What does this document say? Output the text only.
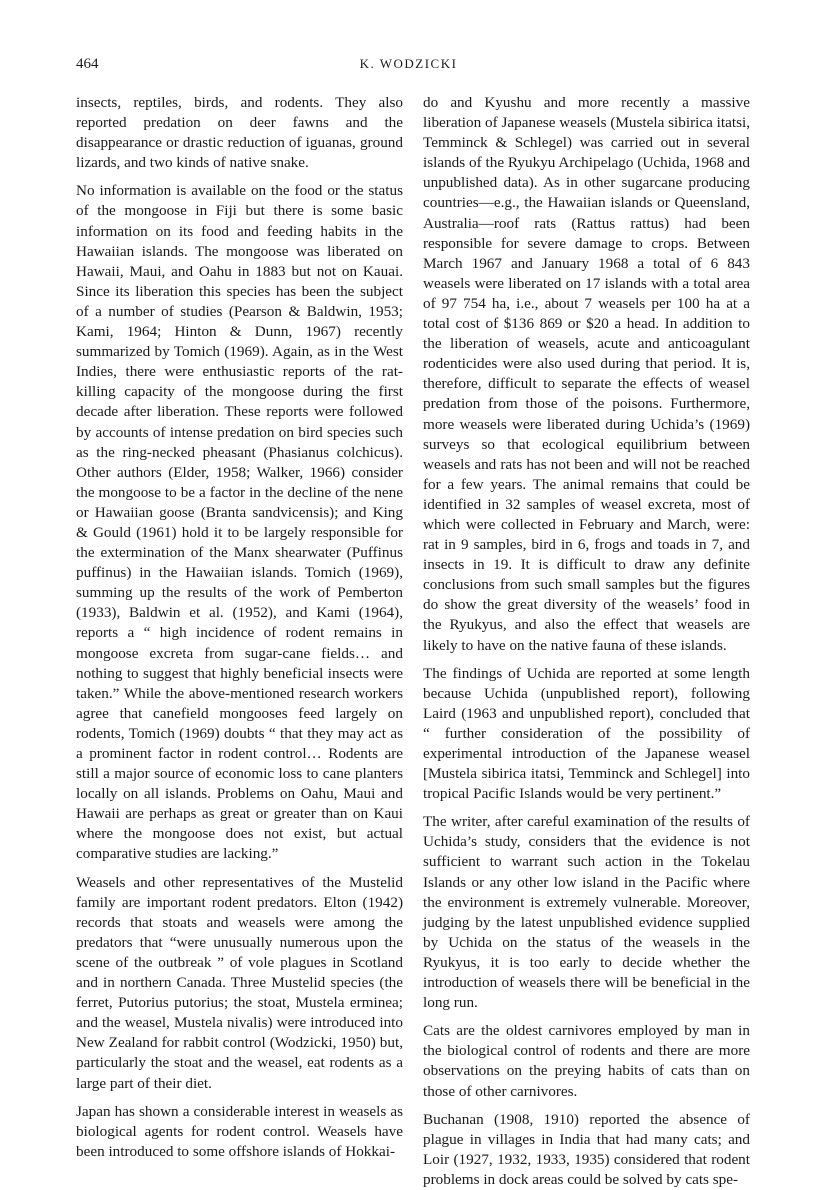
464	K. WODZICKI

insects, reptiles, birds, and rodents. They also reported predation on deer fawns and the disappearance or drastic reduction of iguanas, ground lizards, and two kinds of native snake.

No information is available on the food or the status of the mongoose in Fiji but there is some basic information on its food and feeding habits in the Hawaiian islands. The mongoose was liberated on Hawaii, Maui, and Oahu in 1883 but not on Kauai. Since its liberation this species has been the subject of a number of studies (Pearson & Baldwin, 1953; Kami, 1964; Hinton & Dunn, 1967) recently summarized by Tomich (1969). Again, as in the West Indies, there were enthusiastic reports of the rat-killing capacity of the mongoose during the first decade after liberation. These reports were followed by accounts of intense predation on bird species such as the ring-necked pheasant (Phasianus colchicus). Other authors (Elder, 1958; Walker, 1966) consider the mongoose to be a factor in the decline of the nene or Hawaiian goose (Branta sandvicensis); and King & Gould (1961) hold it to be largely responsible for the extermination of the Manx shearwater (Puffinus puffinus) in the Hawaiian islands. Tomich (1969), summing up the results of the work of Pemberton (1933), Baldwin et al. (1952), and Kami (1964), reports a “ high incidence of rodent remains in mongoose excreta from sugar-cane fields… and nothing to suggest that highly beneficial insects were taken.” While the above-mentioned research workers agree that canefield mongooses feed largely on rodents, Tomich (1969) doubts “ that they may act as a prominent factor in rodent control… Rodents are still a major source of economic loss to cane planters locally on all islands. Problems on Oahu, Maui and Hawaii are perhaps as great or greater than on Kaui where the mongoose does not exist, but actual comparative studies are lacking.”

Weasels and other representatives of the Mustelid family are important rodent predators. Elton (1942) records that stoats and weasels were among the predators that “were unusually numerous upon the scene of the outbreak ” of vole plagues in Scotland and in northern Canada. Three Mustelid species (the ferret, Putorius putorius; the stoat, Mustela erminea; and the weasel, Mustela nivalis) were introduced into New Zealand for rabbit control (Wodzicki, 1950) but, particularly the stoat and the weasel, eat rodents as a large part of their diet.

Japan has shown a considerable interest in weasels as biological agents for rodent control. Weasels have been introduced to some offshore islands of Hokkai-

do and Kyushu and more recently a massive liberation of Japanese weasels (Mustela sibirica itatsi, Temminck & Schlegel) was carried out in several islands of the Ryukyu Archipelago (Uchida, 1968 and unpublished data). As in other sugarcane producing countries—e.g., the Hawaiian islands or Queensland, Australia—roof rats (Rattus rattus) had been responsible for severe damage to crops. Between March 1967 and January 1968 a total of 6 843 weasels were liberated on 17 islands with a total area of 97 754 ha, i.e., about 7 weasels per 100 ha at a total cost of $136 869 or $20 a head. In addition to the liberation of weasels, acute and anticoagulant rodenticides were also used during that period. It is, therefore, difficult to separate the effects of weasel predation from those of the poisons. Furthermore, more weasels were liberated during Uchida’s (1969) surveys so that ecological equilibrium between weasels and rats has not been and will not be reached for a few years. The animal remains that could be identified in 32 samples of weasel excreta, most of which were collected in February and March, were: rat in 9 samples, bird in 6, frogs and toads in 7, and insects in 19. It is difficult to draw any definite conclusions from such small samples but the figures do show the great diversity of the weasels’ food in the Ryukyus, and also the effect that weasels are likely to have on the native fauna of these islands.

The findings of Uchida are reported at some length because Uchida (unpublished report), following Laird (1963 and unpublished report), concluded that “ further consideration of the possibility of experimental introduction of the Japanese weasel [Mustela sibirica itatsi, Temminck and Schlegel] into tropical Pacific Islands would be very pertinent.”

The writer, after careful examination of the results of Uchida’s study, considers that the evidence is not sufficient to warrant such action in the Tokelau Islands or any other low island in the Pacific where the environment is extremely vulnerable. Moreover, judging by the latest unpublished evidence supplied by Uchida on the status of the weasels in the Ryukyus, it is too early to decide whether the introduction of weasels there will be beneficial in the long run.

Cats are the oldest carnivores employed by man in the biological control of rodents and there are more observations on the preying habits of cats than on those of other carnivores.

Buchanan (1908, 1910) reported the absence of plague in villages in India that had many cats; and Loir (1927, 1932, 1933, 1935) considered that rodent problems in dock areas could be solved by cats spe-
